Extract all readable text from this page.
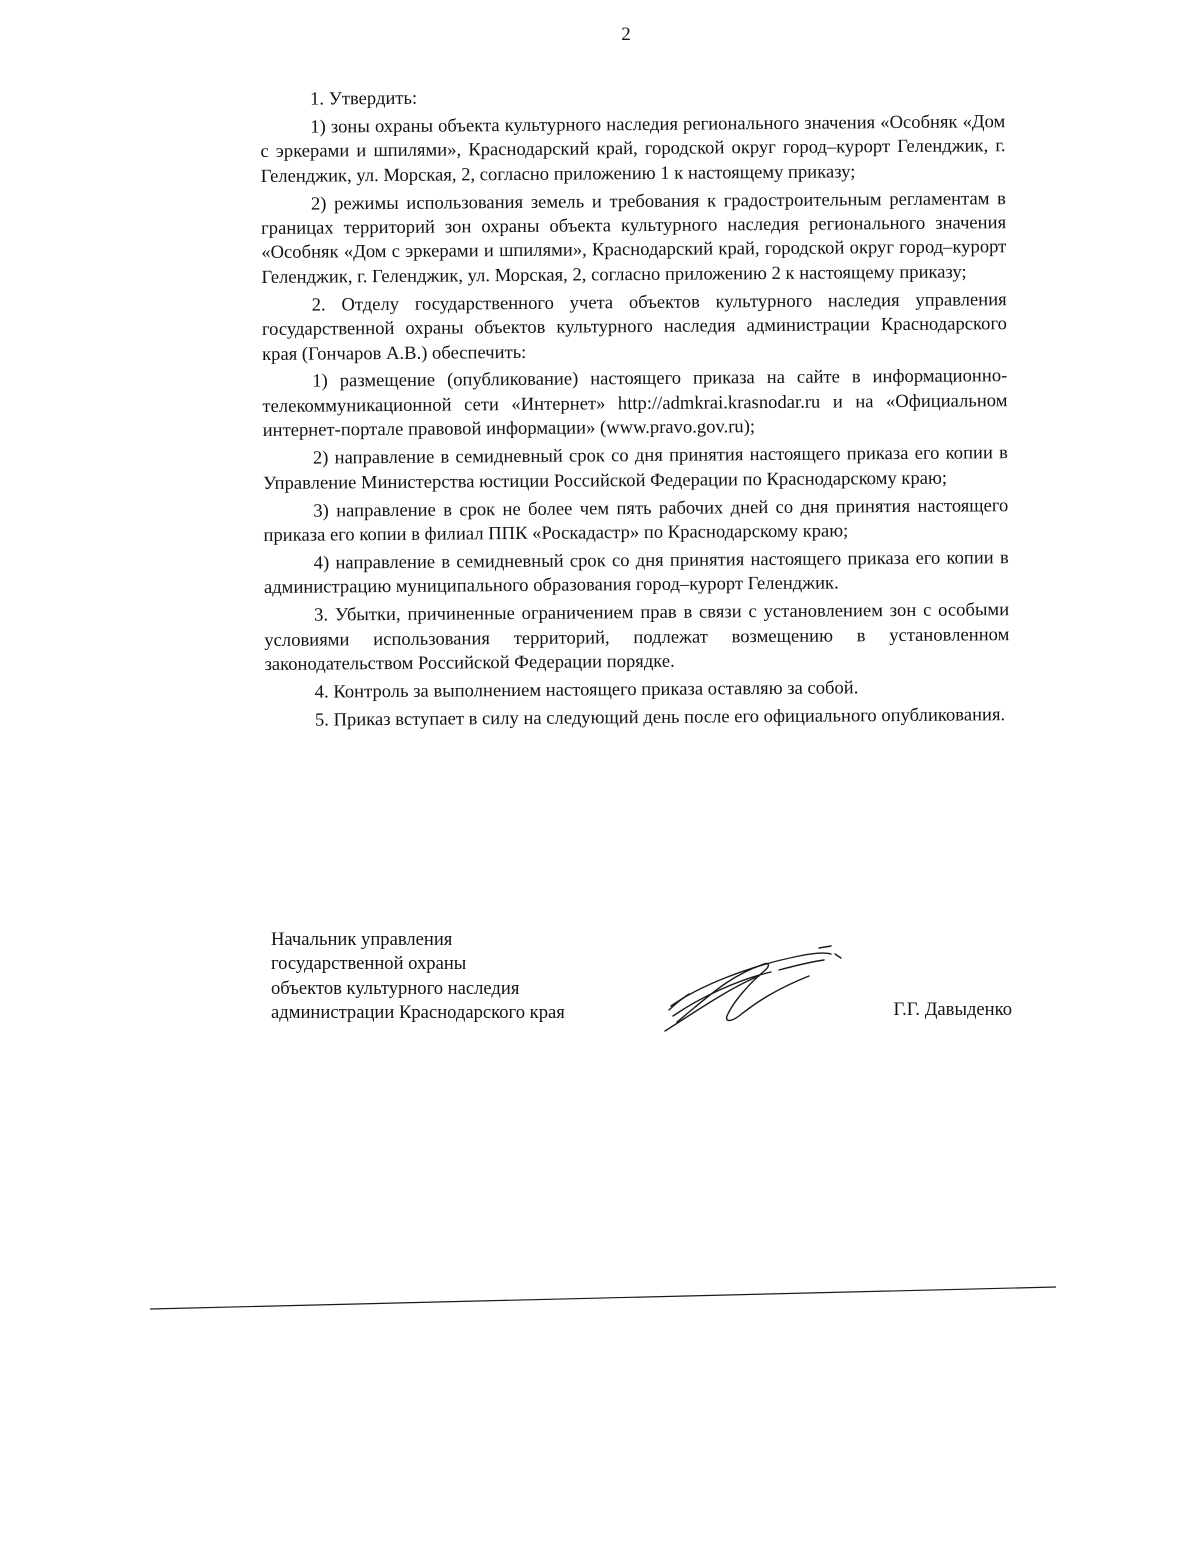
2

1. Утвердить:

1) зоны охраны объекта культурного наследия регионального значения «Особняк «Дом с эркерами и шпилями», Краснодарский край, городской округ город–курорт Геленджик, г. Геленджик, ул. Морская, 2, согласно приложению 1 к настоящему приказу;

2) режимы использования земель и требования к градостроительным регламентам в границах территорий зон охраны объекта культурного наследия регионального значения «Особняк «Дом с эркерами и шпилями», Краснодарский край, городской округ город–курорт Геленджик, г. Геленджик, ул. Морская, 2, согласно приложению 2 к настоящему приказу;

2. Отделу государственного учета объектов культурного наследия управления государственной охраны объектов культурного наследия администрации Краснодарского края (Гончаров А.В.) обеспечить:

1) размещение (опубликование) настоящего приказа на сайте в информационно-телекоммуникационной сети «Интернет» http://admkrai.krasnodar.ru и на «Официальном интернет-портале правовой информации» (www.pravo.gov.ru);

2) направление в семидневный срок со дня принятия настоящего приказа его копии в Управление Министерства юстиции Российской Федерации по Краснодарскому краю;

3) направление в срок не более чем пять рабочих дней со дня принятия настоящего приказа его копии в филиал ППК «Роскадастр» по Краснодарскому краю;

4) направление в семидневный срок со дня принятия настоящего приказа его копии в администрацию муниципального образования город–курорт Геленджик.

3. Убытки, причиненные ограничением прав в связи с установлением зон с особыми условиями использования территорий, подлежат возмещению в установленном законодательством Российской Федерации порядке.

4. Контроль за выполнением настоящего приказа оставляю за собой.

5. Приказ вступает в силу на следующий день после его официального опубликования.

Начальник управления
государственной охраны
объектов культурного наследия
администрации Краснодарского края	Г.Г. Давыденко
